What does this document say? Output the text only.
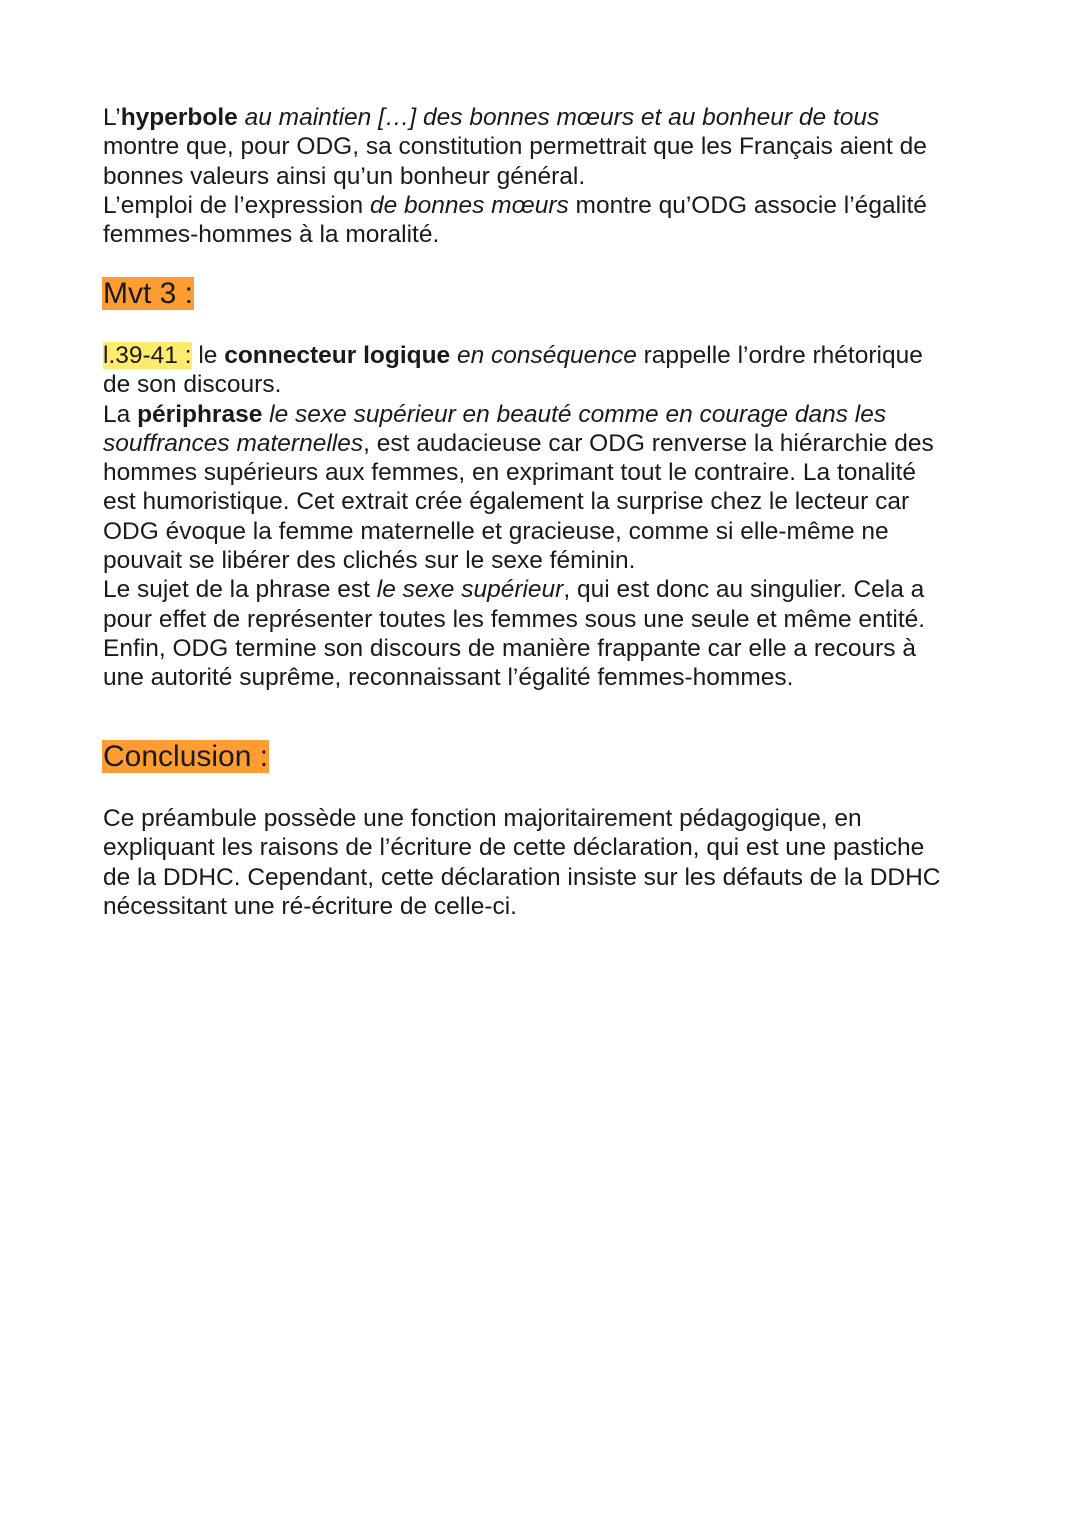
L’hyperbole au maintien […] des bonnes mœurs et au bonheur de tous
montre que, pour ODG, sa constitution permettrait que les Français aient de
bonnes valeurs ainsi qu’un bonheur général.
L’emploi de l’expression de bonnes mœurs montre qu’ODG associe l’égalité
femmes-hommes à la moralité.
Mvt 3 :
l.39-41 : le connecteur logique en conséquence rappelle l’ordre rhétorique
de son discours.
La périphrase le sexe supérieur en beauté comme en courage dans les
souffrances maternelles, est audacieuse car ODG renverse la hiérarchie des
hommes supérieurs aux femmes, en exprimant tout le contraire. La tonalité
est humoristique. Cet extrait crée également la surprise chez le lecteur car
ODG évoque la femme maternelle et gracieuse, comme si elle-même ne
pouvait se libérer des clichés sur le sexe féminin.
Le sujet de la phrase est le sexe supérieur, qui est donc au singulier. Cela a
pour effet de représenter toutes les femmes sous une seule et même entité.
Enfin, ODG termine son discours de manière frappante car elle a recours à
une autorité suprême, reconnaissant l’égalité femmes-hommes.
Conclusion :
Ce préambule possède une fonction majoritairement pédagogique, en
expliquant les raisons de l’écriture de cette déclaration, qui est une pastiche
de la DDHC. Cependant, cette déclaration insiste sur les défauts de la DDHC
nécessitant une ré-écriture de celle-ci.
